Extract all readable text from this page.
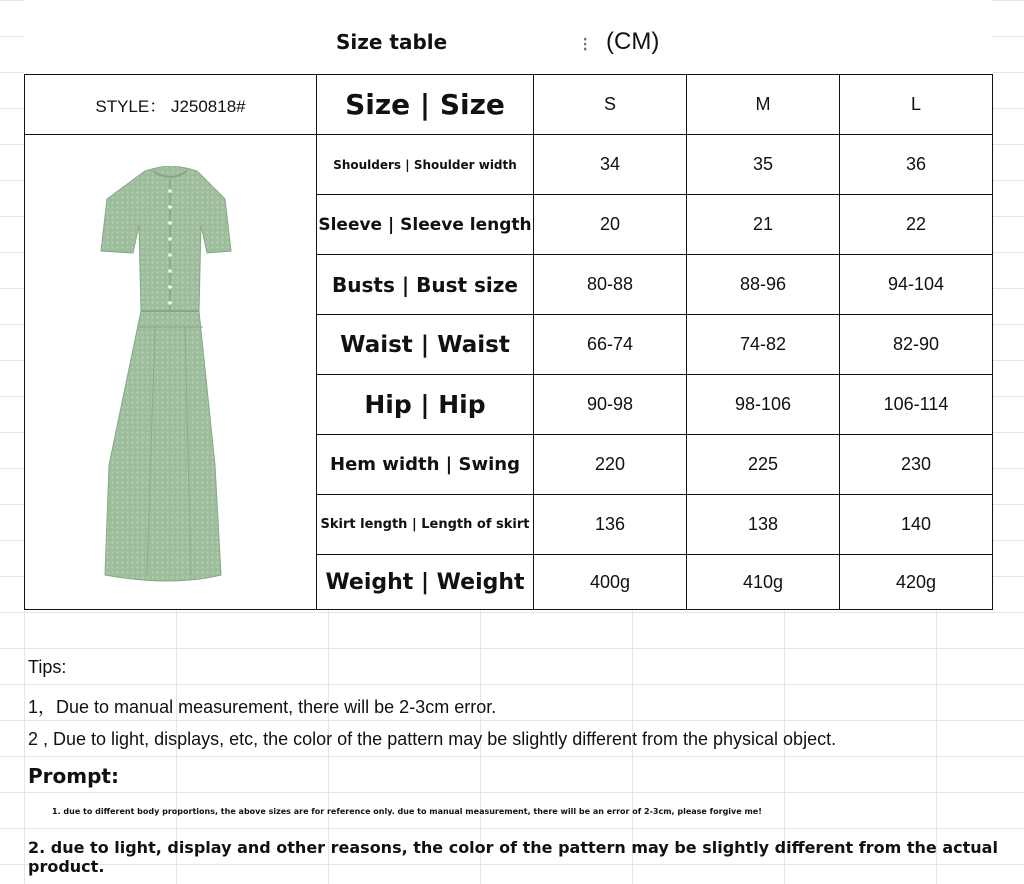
Size table	⁝ (CM)
STYLE： J250818#	Size | Size	S	M	L

	Shoulders | Shoulder width	34	35	36
	Sleeve | Sleeve length	20	21	22
	Busts | Bust size	80-88	88-96	94-104
	Waist | Waist	66-74	74-82	82-90
	Hip | Hip	90-98	98-106	106-114
	Hem width | Swing	220	225	230
	Skirt length | Length of skirt	136	138	140
	Weight | Weight	400g	410g	420g
Tips:
1，Due to manual measurement, there will be 2-3cm error.
2 , Due to light, displays, etc, the color of the pattern may be slightly different from the physical object.
Prompt:
1. due to different body proportions, the above sizes are for reference only. due to manual measurement, there will be an error of 2-3cm, please forgive me!
2. due to light, display and other reasons, the color of the pattern may be slightly different from the actual product.
